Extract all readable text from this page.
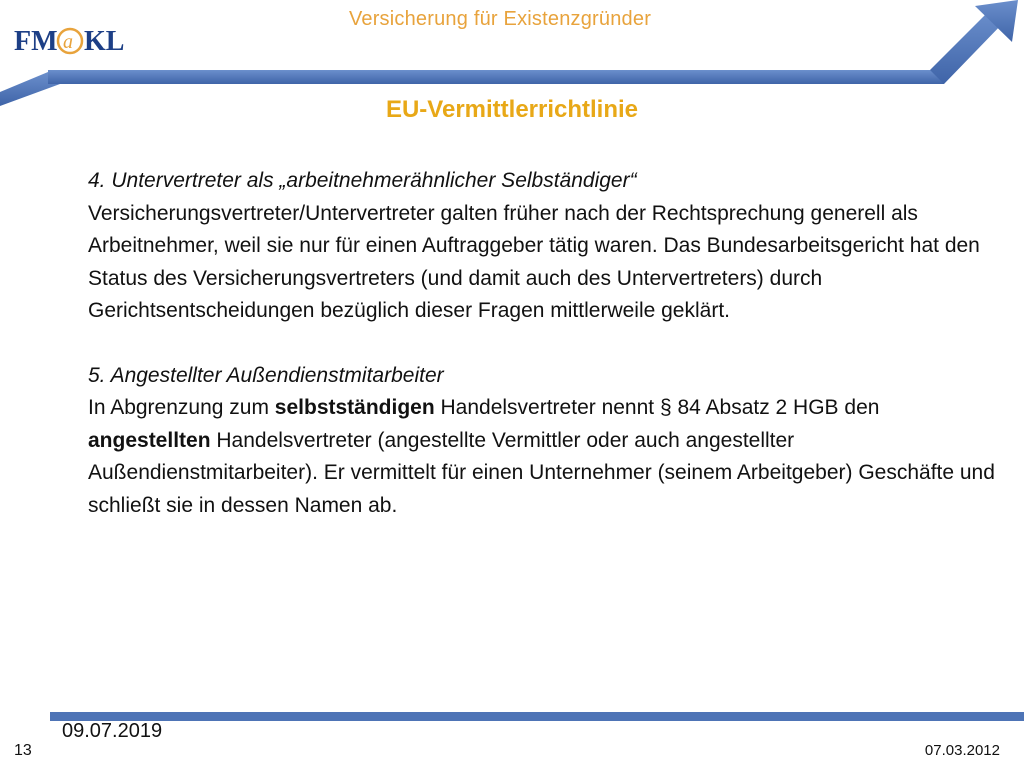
FM a KL
Versicherung für Existenzgründer
EU-Vermittlerrichtlinie

4. Untervertreter als „arbeitnehmerähnlicher Selbständiger“

Versicherungsvertreter/Untervertreter galten früher nach der Rechtsprechung generell als Arbeitnehmer, weil sie nur für einen Auftraggeber tätig waren. Das Bundesarbeitsgericht hat den Status des Versicherungsvertreters (und damit auch des Untervertreters) durch Gerichtsentscheidungen bezüglich dieser Fragen mittlerweile geklärt.

5. Angestellter Außendienstmitarbeiter

In Abgrenzung zum selbstständigen Handelsvertreter nennt § 84 Absatz 2 HGB den angestellten Handelsvertreter (angestellte Vermittler oder auch angestellter Außendienstmitarbeiter). Er vermittelt für einen Unternehmer (seinem Arbeitgeber) Geschäfte und schließt sie in dessen Namen ab.

09.07.2019
13	07.03.2012
